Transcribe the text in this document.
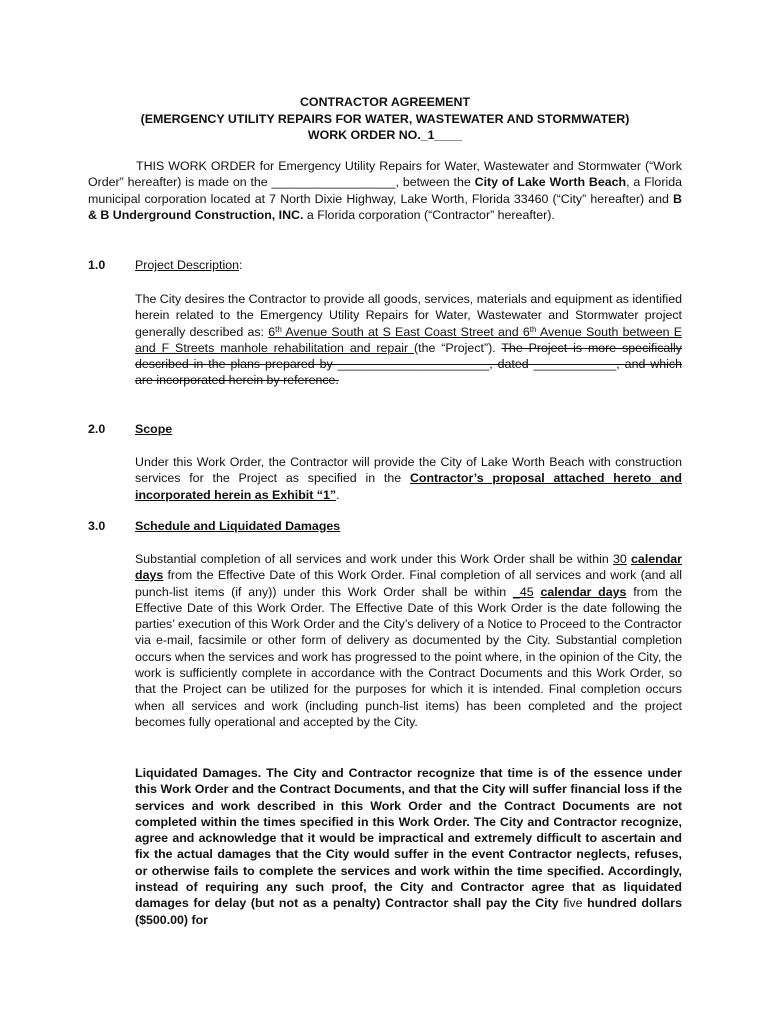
CONTRACTOR AGREEMENT
(EMERGENCY UTILITY REPAIRS FOR WATER, WASTEWATER AND STORMWATER)
WORK ORDER NO._1____
THIS WORK ORDER for Emergency Utility Repairs for Water, Wastewater and Stormwater (“Work Order” hereafter) is made on the __________________, between the City of Lake Worth Beach, a Florida municipal corporation located at 7 North Dixie Highway, Lake Worth, Florida 33460 (“City” hereafter) and B & B Underground Construction, INC. a Florida corporation (“Contractor” hereafter).
1.0 Project Description:
The City desires the Contractor to provide all goods, services, materials and equipment as identified herein related to the Emergency Utility Repairs for Water, Wastewater and Stormwater project generally described as: 6th Avenue South at S East Coast Street and 6th Avenue South between E and F Streets manhole rehabilitation and repair (the “Project”). The Project is more specifically described in the plans prepared by ______________________, dated ____________, and which are incorporated herein by reference.
2.0 Scope
Under this Work Order, the Contractor will provide the City of Lake Worth Beach with construction services for the Project as specified in the Contractor’s proposal attached hereto and incorporated herein as Exhibit “1”.
3.0 Schedule and Liquidated Damages
Substantial completion of all services and work under this Work Order shall be within 30 calendar days from the Effective Date of this Work Order. Final completion of all services and work (and all punch-list items (if any)) under this Work Order shall be within _45 calendar days from the Effective Date of this Work Order. The Effective Date of this Work Order is the date following the parties’ execution of this Work Order and the City’s delivery of a Notice to Proceed to the Contractor via e-mail, facsimile or other form of delivery as documented by the City. Substantial completion occurs when the services and work has progressed to the point where, in the opinion of the City, the work is sufficiently complete in accordance with the Contract Documents and this Work Order, so that the Project can be utilized for the purposes for which it is intended. Final completion occurs when all services and work (including punch-list items) has been completed and the project becomes fully operational and accepted by the City.
Liquidated Damages. The City and Contractor recognize that time is of the essence under this Work Order and the Contract Documents, and that the City will suffer financial loss if the services and work described in this Work Order and the Contract Documents are not completed within the times specified in this Work Order. The City and Contractor recognize, agree and acknowledge that it would be impractical and extremely difficult to ascertain and fix the actual damages that the City would suffer in the event Contractor neglects, refuses, or otherwise fails to complete the services and work within the time specified. Accordingly, instead of requiring any such proof, the City and Contractor agree that as liquidated damages for delay (but not as a penalty) Contractor shall pay the City five hundred dollars ($500.00) for
